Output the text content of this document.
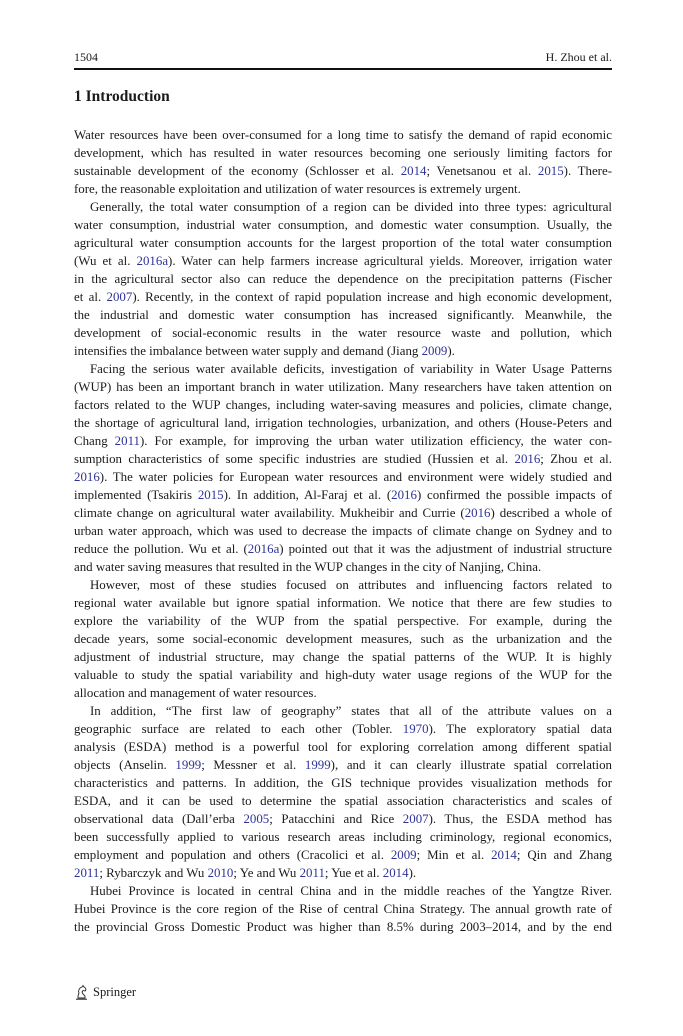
1504	H. Zhou et al.
1 Introduction
Water resources have been over-consumed for a long time to satisfy the demand of rapid economic
development, which has resulted in water resources becoming one seriously limiting factors for
sustainable development of the economy (Schlosser et al. 2014; Venetsanou et al. 2015). There-
fore, the reasonable exploitation and utilization of water resources is extremely urgent.
Generally, the total water consumption of a region can be divided into three types: agricultural
water consumption, industrial water consumption, and domestic water consumption. Usually, the
agricultural water consumption accounts for the largest proportion of the total water consumption
(Wu et al. 2016a). Water can help farmers increase agricultural yields. Moreover, irrigation water
in the agricultural sector also can reduce the dependence on the precipitation patterns (Fischer
et al. 2007). Recently, in the context of rapid population increase and high economic development,
the industrial and domestic water consumption has increased significantly. Meanwhile, the
development of social-economic results in the water resource waste and pollution, which
intensifies the imbalance between water supply and demand (Jiang 2009).
Facing the serious water available deficits, investigation of variability in Water Usage Patterns
(WUP) has been an important branch in water utilization. Many researchers have taken attention on
factors related to the WUP changes, including water-saving measures and policies, climate change,
the shortage of agricultural land, irrigation technologies, urbanization, and others (House-Peters and
Chang 2011). For example, for improving the urban water utilization efficiency, the water con-
sumption characteristics of some specific industries are studied (Hussien et al. 2016; Zhou et al.
2016). The water policies for European water resources and environment were widely studied and
implemented (Tsakiris 2015). In addition, Al-Faraj et al. (2016) confirmed the possible impacts of
climate change on agricultural water availability. Mukheibir and Currie (2016) described a whole of
urban water approach, which was used to decrease the impacts of climate change on Sydney and to
reduce the pollution. Wu et al. (2016a) pointed out that it was the adjustment of industrial structure
and water saving measures that resulted in the WUP changes in the city of Nanjing, China.
However, most of these studies focused on attributes and influencing factors related to
regional water available but ignore spatial information. We notice that there are few studies to
explore the variability of the WUP from the spatial perspective. For example, during the
decade years, some social-economic development measures, such as the urbanization and the
adjustment of industrial structure, may change the spatial patterns of the WUP. It is highly
valuable to study the spatial variability and high-duty water usage regions of the WUP for the
allocation and management of water resources.
In addition, “The first law of geography” states that all of the attribute values on a
geographic surface are related to each other (Tobler. 1970). The exploratory spatial data
analysis (ESDA) method is a powerful tool for exploring correlation among different spatial
objects (Anselin. 1999; Messner et al. 1999), and it can clearly illustrate spatial correlation
characteristics and patterns. In addition, the GIS technique provides visualization methods for
ESDA, and it can be used to determine the spatial association characteristics and scales of
observational data (Dall’erba 2005; Patacchini and Rice 2007). Thus, the ESDA method has
been successfully applied to various research areas including criminology, regional economics,
employment and population and others (Cracolici et al. 2009; Min et al. 2014; Qin and Zhang
2011; Rybarczyk and Wu 2010; Ye and Wu 2011; Yue et al. 2014).
Hubei Province is located in central China and in the middle reaches of the Yangtze River.
Hubei Province is the core region of the Rise of central China Strategy. The annual growth rate of
the provincial Gross Domestic Product was higher than 8.5% during 2003–2014, and by the end
Springer
